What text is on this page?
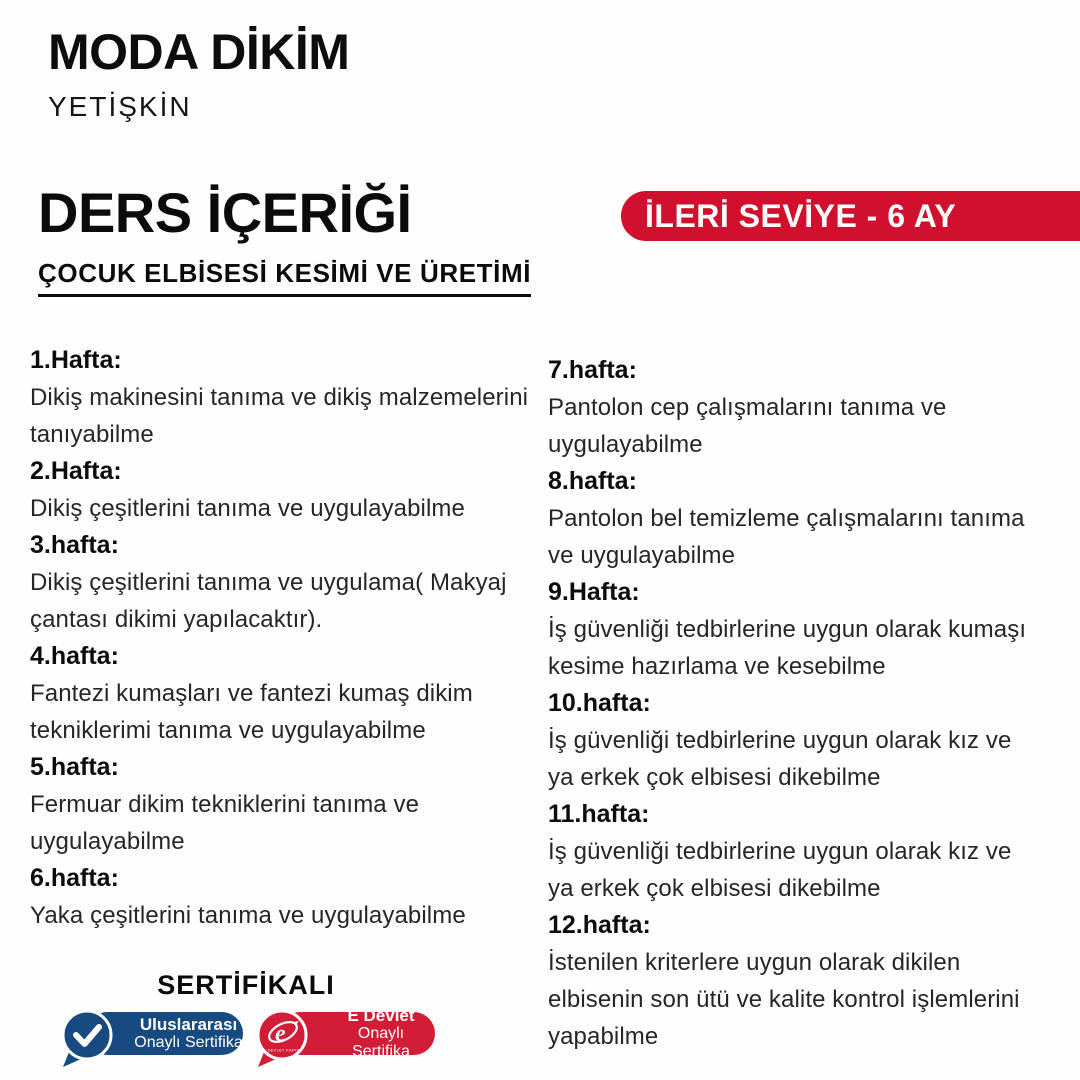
MODA DİKİM
YETİŞKİN
DERS İÇERİĞİ	İLERİ SEVİYE - 6 AY
ÇOCUK ELBİSESİ KESİMİ VE ÜRETİMİ
1.Hafta:
Dikiş makinesini tanıma ve dikiş malzemelerini tanıyabilme
2.Hafta:
Dikiş çeşitlerini tanıma ve uygulayabilme
3.hafta:
Dikiş çeşitlerini tanıma ve uygulama( Makyaj çantası dikimi yapılacaktır).
4.hafta:
Fantezi kumaşları ve fantezi kumaş dikim tekniklerimi tanıma ve uygulayabilme
5.hafta:
Fermuar dikim tekniklerini tanıma ve uygulayabilme
6.hafta:
Yaka çeşitlerini tanıma ve uygulayabilme
7.hafta:
Pantolon cep çalışmalarını tanıma ve uygulayabilme
8.hafta:
Pantolon bel temizleme çalışmalarını tanıma ve uygulayabilme
9.Hafta:
İş güvenliği tedbirlerine uygun olarak kumaşı kesime hazırlama ve kesebilme
10.hafta:
İş güvenliği tedbirlerine uygun olarak kız ve ya erkek çok elbisesi dikebilme
11.hafta:
İş güvenliği tedbirlerine uygun olarak kız ve ya erkek çok elbisesi dikebilme
12.hafta:
İstenilen kriterlere uygun olarak dikilen elbisenin son ütü ve kalite kontrol işlemlerini yapabilme
SERTİFİKALI
Uluslararası
Onaylı Sertifika
E Devlet
Onaylı Sertifika
e
E-DEVLET KAPISI
